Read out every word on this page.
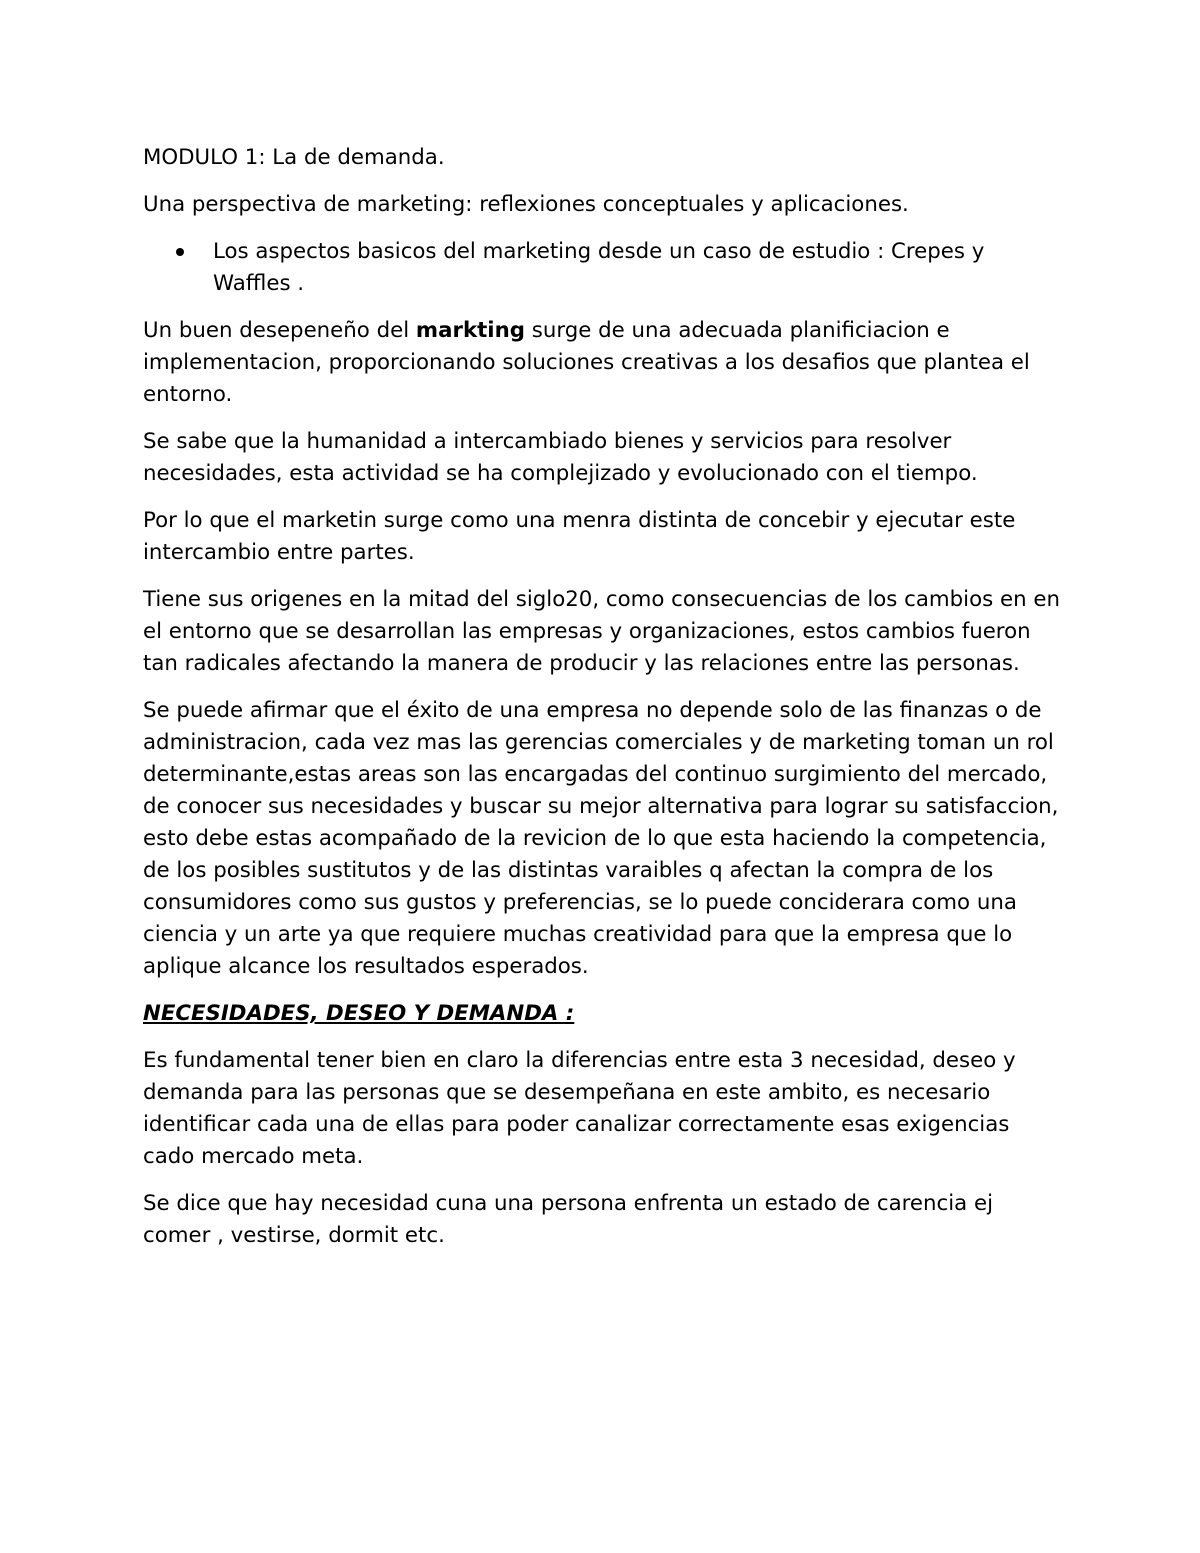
MODULO 1: La de demanda.

Una perspectiva de marketing: reflexiones conceptuales y aplicaciones.

Los aspectos basicos del marketing desde un caso de estudio : Crepes y Waffles .

Un buen desepeneño del markting surge de una adecuada planificiacion e implementacion, proporcionando soluciones creativas a los desafios que plantea el entorno.

Se sabe que la humanidad a intercambiado bienes y servicios para resolver necesidades, esta actividad se ha complejizado y evolucionado con el tiempo.

Por lo que el marketin surge como una menra distinta de concebir y ejecutar este intercambio entre partes.

Tiene sus origenes en la mitad del siglo20, como consecuencias de los cambios en en el entorno que se desarrollan las empresas y organizaciones, estos cambios fueron tan radicales afectando la manera de producir y las relaciones entre las personas.

Se puede afirmar que el éxito de una empresa no depende solo de las finanzas o de administracion, cada vez mas las gerencias comerciales y de marketing toman un rol determinante,estas areas son las encargadas del continuo surgimiento del mercado, de conocer sus necesidades y buscar su mejor alternativa para lograr su satisfaccion, esto debe estas acompañado de la revicion de lo que esta haciendo la competencia, de los posibles sustitutos y de las distintas varaibles q afectan la compra de los consumidores como sus gustos y preferencias, se lo puede conciderara como una ciencia y un arte ya que requiere muchas creatividad para que la empresa que lo aplique alcance los resultados esperados.

NECESIDADES, DESEO Y DEMANDA :

Es fundamental tener bien en claro la diferencias entre esta 3 necesidad, deseo y demanda para las personas que se desempeñana en este ambito, es necesario identificar cada una de ellas para poder canalizar correctamente esas exigencias cado mercado meta.

Se dice que hay necesidad cuna una persona enfrenta un estado de carencia ej comer , vestirse, dormit etc.
